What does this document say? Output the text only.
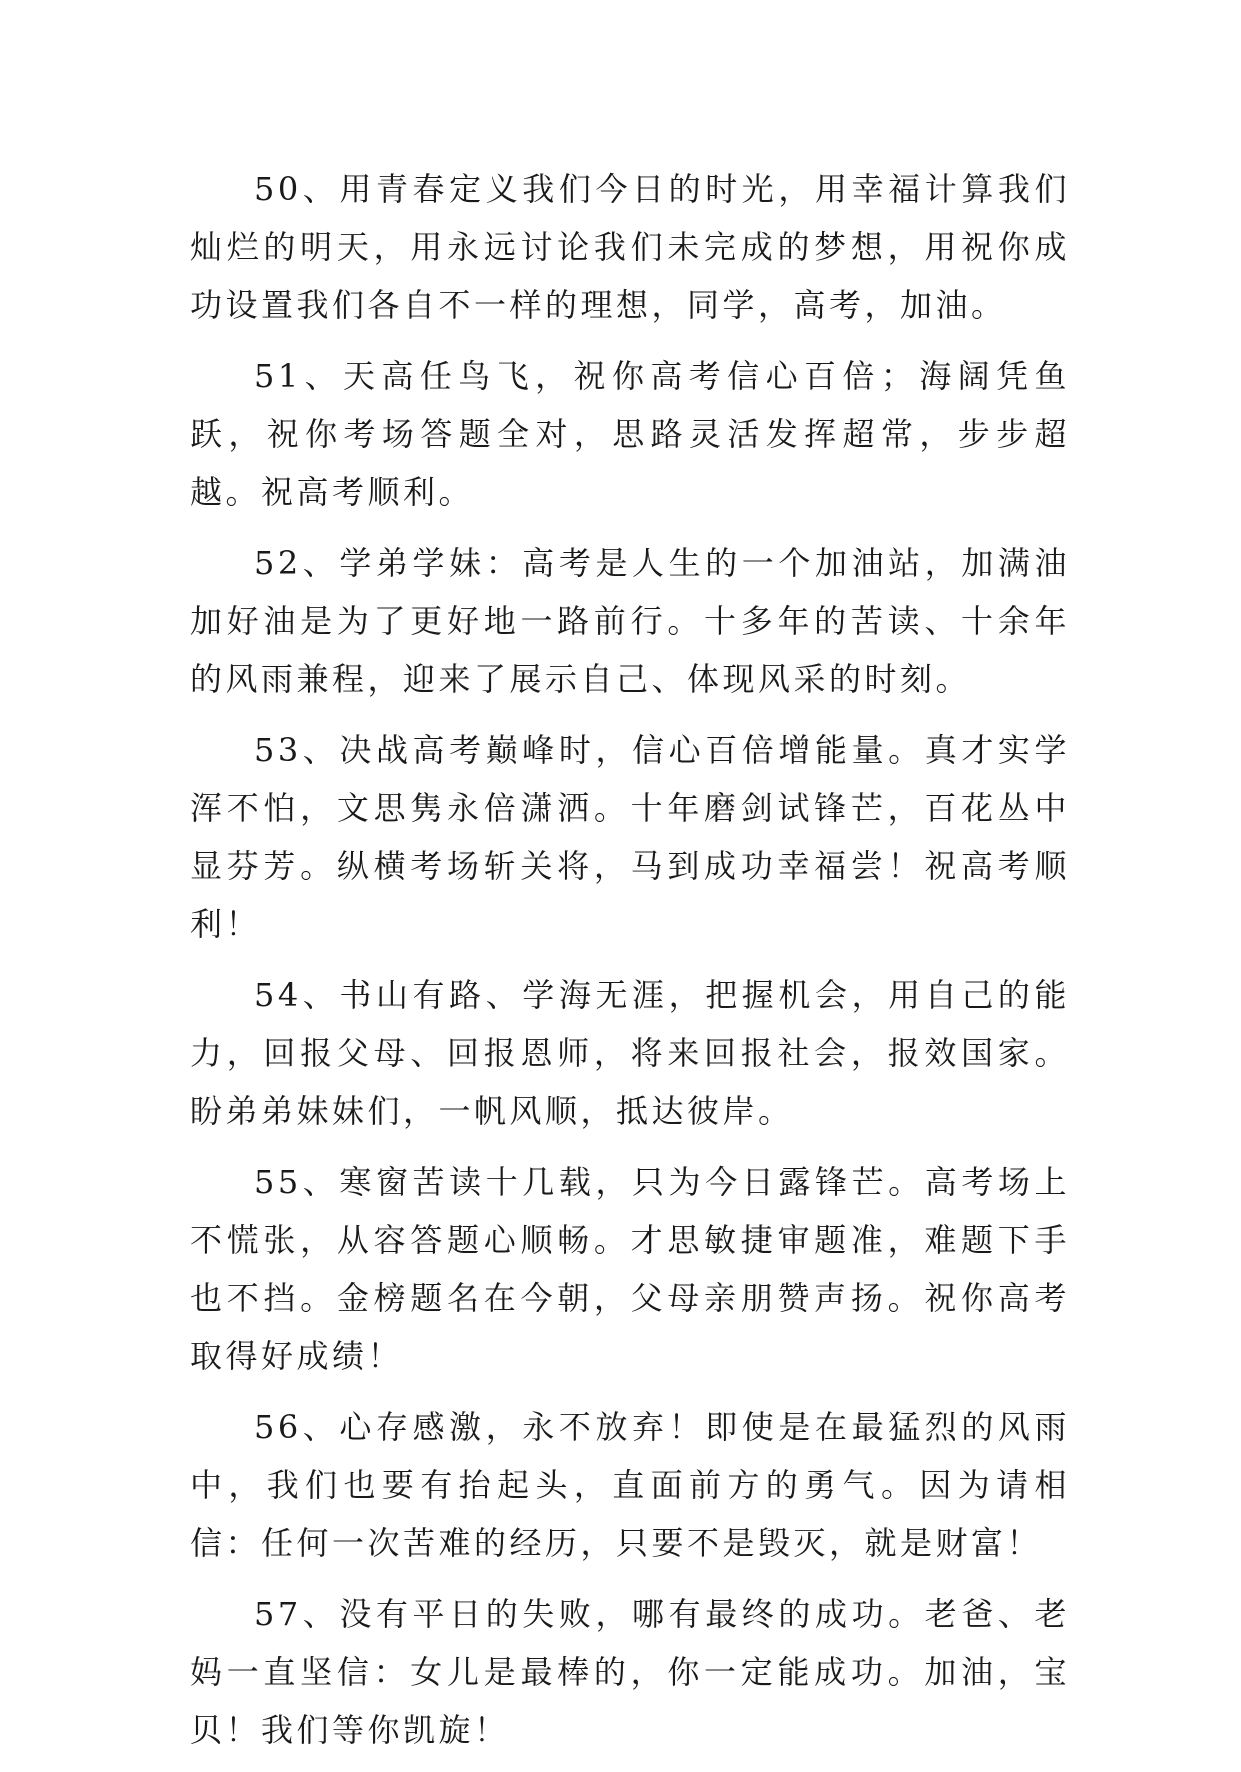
50、用青春定义我们今日的时光，用幸福计算我们灿烂的明天，用永远讨论我们未完成的梦想，用祝你成功设置我们各自不一样的理想，同学，高考，加油。

51、天高任鸟飞，祝你高考信心百倍；海阔凭鱼跃，祝你考场答题全对，思路灵活发挥超常，步步超越。祝高考顺利。

52、学弟学妹：高考是人生的一个加油站，加满油加好油是为了更好地一路前行。十多年的苦读、十余年的风雨兼程，迎来了展示自己、体现风采的时刻。

53、决战高考巅峰时，信心百倍增能量。真才实学浑不怕，文思隽永倍潇洒。十年磨剑试锋芒，百花丛中显芬芳。纵横考场斩关将，马到成功幸福尝！祝高考顺利！

54、书山有路、学海无涯，把握机会，用自己的能力，回报父母、回报恩师，将来回报社会，报效国家。盼弟弟妹妹们，一帆风顺，抵达彼岸。

55、寒窗苦读十几载，只为今日露锋芒。高考场上不慌张，从容答题心顺畅。才思敏捷审题准，难题下手也不挡。金榜题名在今朝，父母亲朋赞声扬。祝你高考取得好成绩！

56、心存感激，永不放弃！即使是在最猛烈的风雨中，我们也要有抬起头，直面前方的勇气。因为请相信：任何一次苦难的经历，只要不是毁灭，就是财富！

57、没有平日的失败，哪有最终的成功。老爸、老妈一直坚信：女儿是最棒的，你一定能成功。加油，宝贝！我们等你凯旋！
